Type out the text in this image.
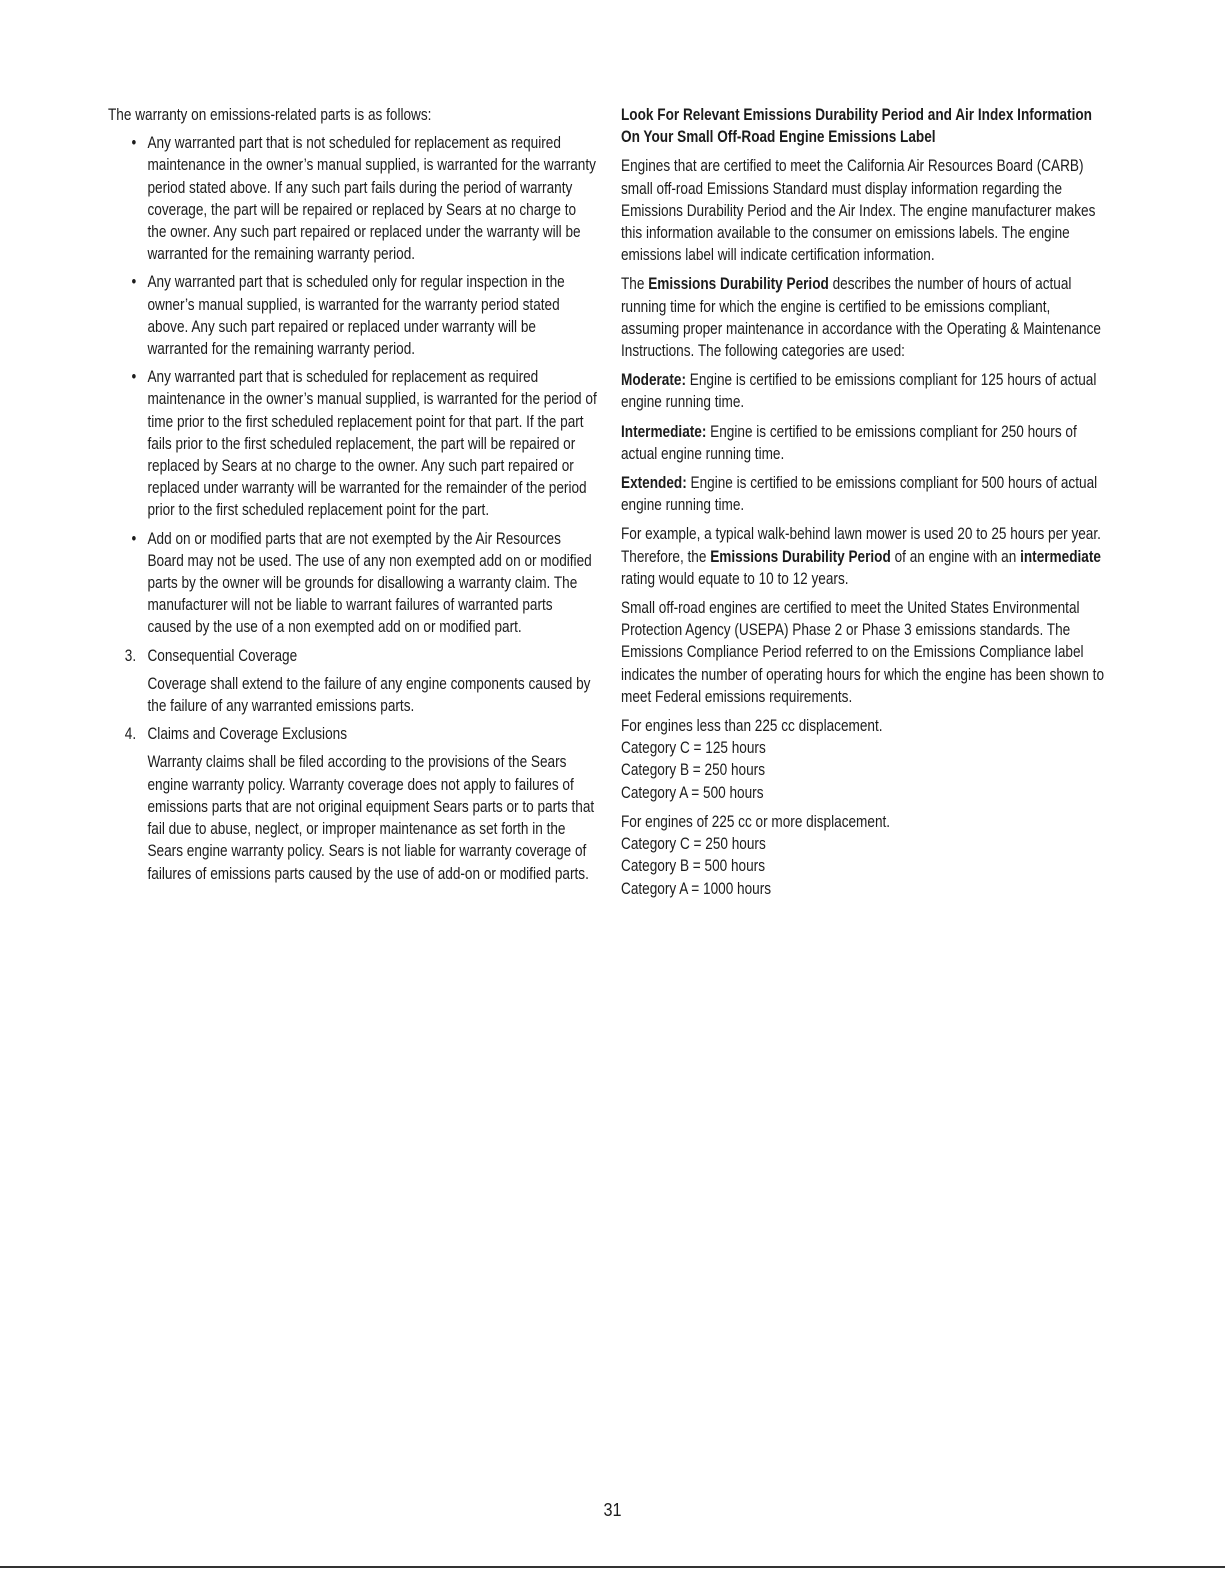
The warranty on emissions-related parts is as follows:

• Any warranted part that is not scheduled for replacement as required maintenance in the owner’s manual supplied, is warranted for the warranty period stated above. If any such part fails during the period of warranty coverage, the part will be repaired or replaced by Sears at no charge to the owner. Any such part repaired or replaced under the warranty will be warranted for the remaining warranty period.
• Any warranted part that is scheduled only for regular inspection in the owner’s manual supplied, is warranted for the warranty period stated above. Any such part repaired or replaced under warranty will be warranted for the remaining warranty period.
• Any warranted part that is scheduled for replacement as required maintenance in the owner’s manual supplied, is warranted for the period of time prior to the first scheduled replacement point for that part. If the part fails prior to the first scheduled replacement, the part will be repaired or replaced by Sears at no charge to the owner. Any such part repaired or replaced under warranty will be warranted for the remainder of the period prior to the first scheduled replacement point for the part.
• Add on or modified parts that are not exempted by the Air Resources Board may not be used. The use of any non exempted add on or modified parts by the owner will be grounds for disallowing a warranty claim. The manufacturer will not be liable to warrant failures of warranted parts caused by the use of a non exempted add on or modified part.
3. Consequential Coverage

Coverage shall extend to the failure of any engine components caused by the failure of any warranted emissions parts.

4. Claims and Coverage Exclusions

Warranty claims shall be filed according to the provisions of the Sears engine warranty policy. Warranty coverage does not apply to failures of emissions parts that are not original equipment Sears parts or to parts that fail due to abuse, neglect, or improper maintenance as set forth in the Sears engine warranty policy. Sears is not liable for warranty coverage of failures of emissions parts caused by the use of add-on or modified parts.

Look For Relevant Emissions Durability Period and Air Index Information On Your Small Off-Road Engine Emissions Label

Engines that are certified to meet the California Air Resources Board (CARB) small off-road Emissions Standard must display information regarding the Emissions Durability Period and the Air Index. The engine manufacturer makes this information available to the consumer on emissions labels. The engine emissions label will indicate certification information.

The Emissions Durability Period describes the number of hours of actual running time for which the engine is certified to be emissions compliant, assuming proper maintenance in accordance with the Operating & Maintenance Instructions. The following categories are used:

Moderate: Engine is certified to be emissions compliant for 125 hours of actual engine running time.

Intermediate: Engine is certified to be emissions compliant for 250 hours of actual engine running time.

Extended: Engine is certified to be emissions compliant for 500 hours of actual engine running time.

For example, a typical walk-behind lawn mower is used 20 to 25 hours per year. Therefore, the Emissions Durability Period of an engine with an intermediate rating would equate to 10 to 12 years.

Small off-road engines are certified to meet the United States Environmental Protection Agency (USEPA) Phase 2 or Phase 3 emissions standards. The Emissions Compliance Period referred to on the Emissions Compliance label indicates the number of operating hours for which the engine has been shown to meet Federal emissions requirements.

For engines less than 225 cc displacement.

Category C = 125 hours

Category B = 250 hours

Category A = 500 hours

For engines of 225 cc or more displacement.

Category C = 250 hours

Category B = 500 hours

Category A = 1000 hours

31
